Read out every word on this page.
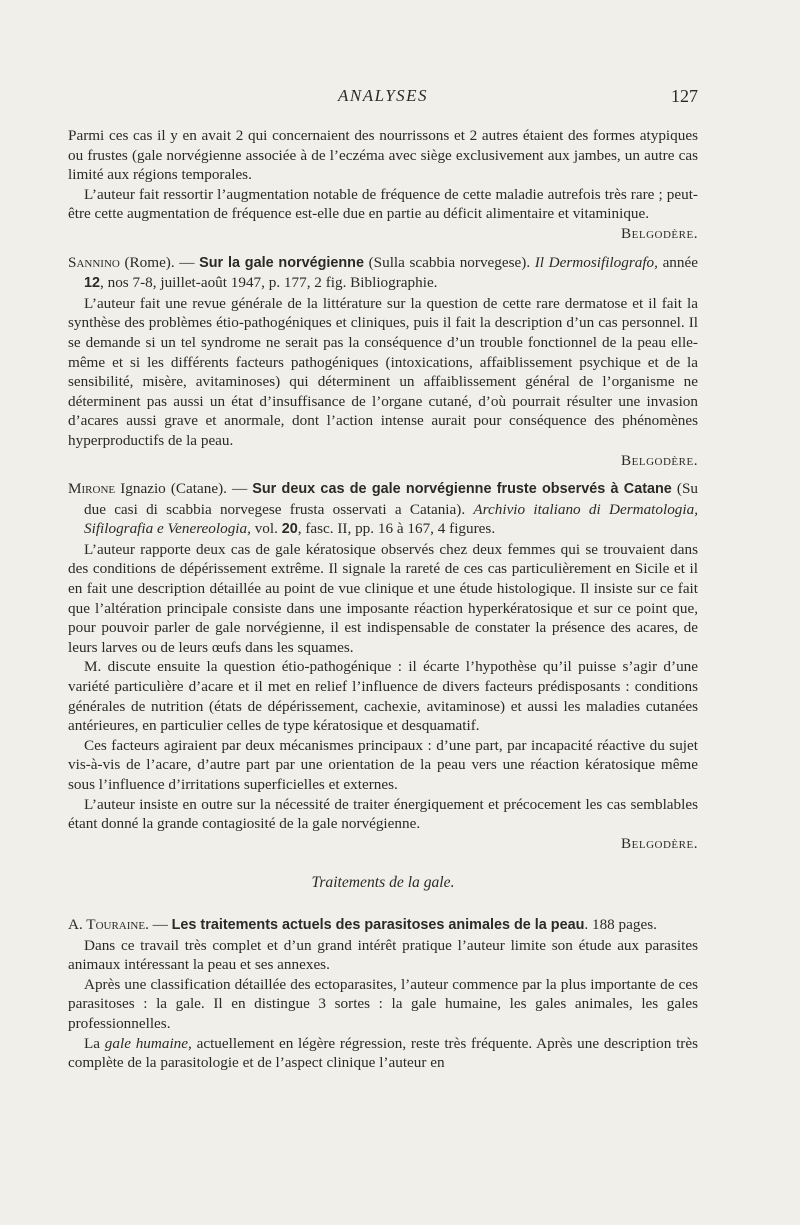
ANALYSES	127

Parmi ces cas il y en avait 2 qui concernaient des nourrissons et 2 autres étaient des formes atypiques ou frustes (gale norvégienne associée à de l’eczéma avec siège exclusivement aux jambes, un autre cas limité aux régions temporales.

L’auteur fait ressortir l’augmentation notable de fréquence de cette maladie autrefois très rare ; peut-être cette augmentation de fréquence est-elle due en partie au déficit alimentaire et vitaminique.

Belgodère.

Sannino (Rome). — Sur la gale norvégienne (Sulla scabbia norvegese). Il Dermosifilografo, année 12, nos 7-8, juillet-août 1947, p. 177, 2 fig. Bibliographie.

L’auteur fait une revue générale de la littérature sur la question de cette rare dermatose et il fait la synthèse des problèmes étio-pathogéniques et cliniques, puis il fait la description d’un cas personnel. Il se demande si un tel syndrome ne serait pas la conséquence d’un trouble fonctionnel de la peau elle-même et si les différents facteurs pathogéniques (intoxications, affaiblissement psychique et de la sensibilité, misère, avitaminoses) qui déterminent un affaiblissement général de l’organisme ne déterminent pas aussi un état d’insuffisance de l’organe cutané, d’où pourrait résulter une invasion d’acares aussi grave et anormale, dont l’action intense aurait pour conséquence des phénomènes hyperproductifs de la peau.

Belgodère.

Mirone Ignazio (Catane). — Sur deux cas de gale norvégienne fruste observés à Catane (Su due casi di scabbia norvegese frusta osservati a Catania). Archivio italiano di Dermatologia, Sifilografia e Venereologia, vol. 20, fasc. II, pp. 16 à 167, 4 figures.

L’auteur rapporte deux cas de gale kératosique observés chez deux femmes qui se trouvaient dans des conditions de dépérissement extrême. Il signale la rareté de ces cas particulièrement en Sicile et il en fait une description détaillée au point de vue clinique et une étude histologique. Il insiste sur ce fait que l’altération principale consiste dans une imposante réaction hyperkératosique et sur ce point que, pour pouvoir parler de gale norvégienne, il est indispensable de constater la présence des acares, de leurs larves ou de leurs œufs dans les squames.

M. discute ensuite la question étio-pathogénique : il écarte l’hypothèse qu’il puisse s’agir d’une variété particulière d’acare et il met en relief l’influence de divers facteurs prédisposants : conditions générales de nutrition (états de dépérissement, cachexie, avitaminose) et aussi les maladies cutanées antérieures, en particulier celles de type kératosique et desquamatif.

Ces facteurs agiraient par deux mécanismes principaux : d’une part, par incapacité réactive du sujet vis-à-vis de l’acare, d’autre part par une orientation de la peau vers une réaction kératosique même sous l’influence d’irritations superficielles et externes.

L’auteur insiste en outre sur la nécessité de traiter énergiquement et précocement les cas semblables étant donné la grande contagiosité de la gale norvégienne.

Belgodère.

Traitements de la gale.

A. Touraine. — Les traitements actuels des parasitoses animales de la peau. 188 pages.

Dans ce travail très complet et d’un grand intérêt pratique l’auteur limite son étude aux parasites animaux intéressant la peau et ses annexes.

Après une classification détaillée des ectoparasites, l’auteur commence par la plus importante de ces parasitoses : la gale. Il en distingue 3 sortes : la gale humaine, les gales animales, les gales professionnelles.

La gale humaine, actuellement en légère régression, reste très fréquente. Après une description très complète de la parasitologie et de l’aspect clinique l’auteur en
